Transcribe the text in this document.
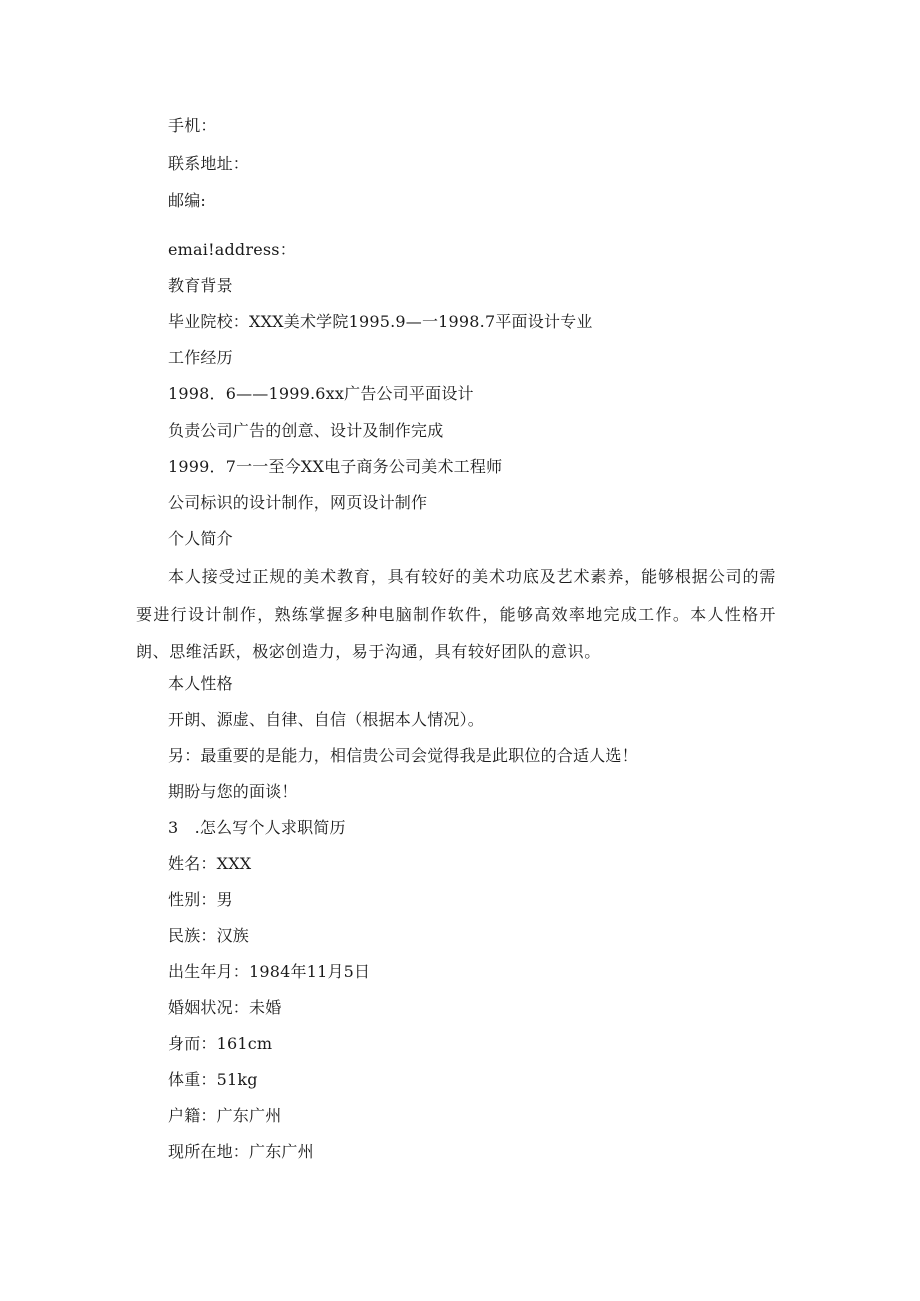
手机：
联系地址：
邮编:
emai!address：
教育背景
毕业院校：XXX美术学院1995.9—一1998.7平面设计专业
工作经历
1998．6——1999.6xx广告公司平面设计
负责公司广告的创意、设计及制作完成
1999．7一一至今XX电子商务公司美术工程师
公司标识的设计制作，网页设计制作
个人简介
本人接受过正规的美术教育，具有较好的美术功底及艺术素养，能够根据公司的需要进行设计制作，熟练掌握多种电脑制作软件，能够高效率地完成工作。本人性格开朗、思维活跃，极宓创造力，易于沟通，具有较好团队的意识。
本人性格
开朗、源虚、自律、自信（根据本人情况）。
另：最重要的是能力，相信贵公司会觉得我是此职位的合适人选！
期盼与您的面谈！
3　.怎么写个人求职简历
姓名：XXX
性别：男
民族：汉族
出生年月：1984年11月5日
婚姻状况：未婚
身而：161cm
体重：51kg
户籍：广东广州
现所在地：广东广州
